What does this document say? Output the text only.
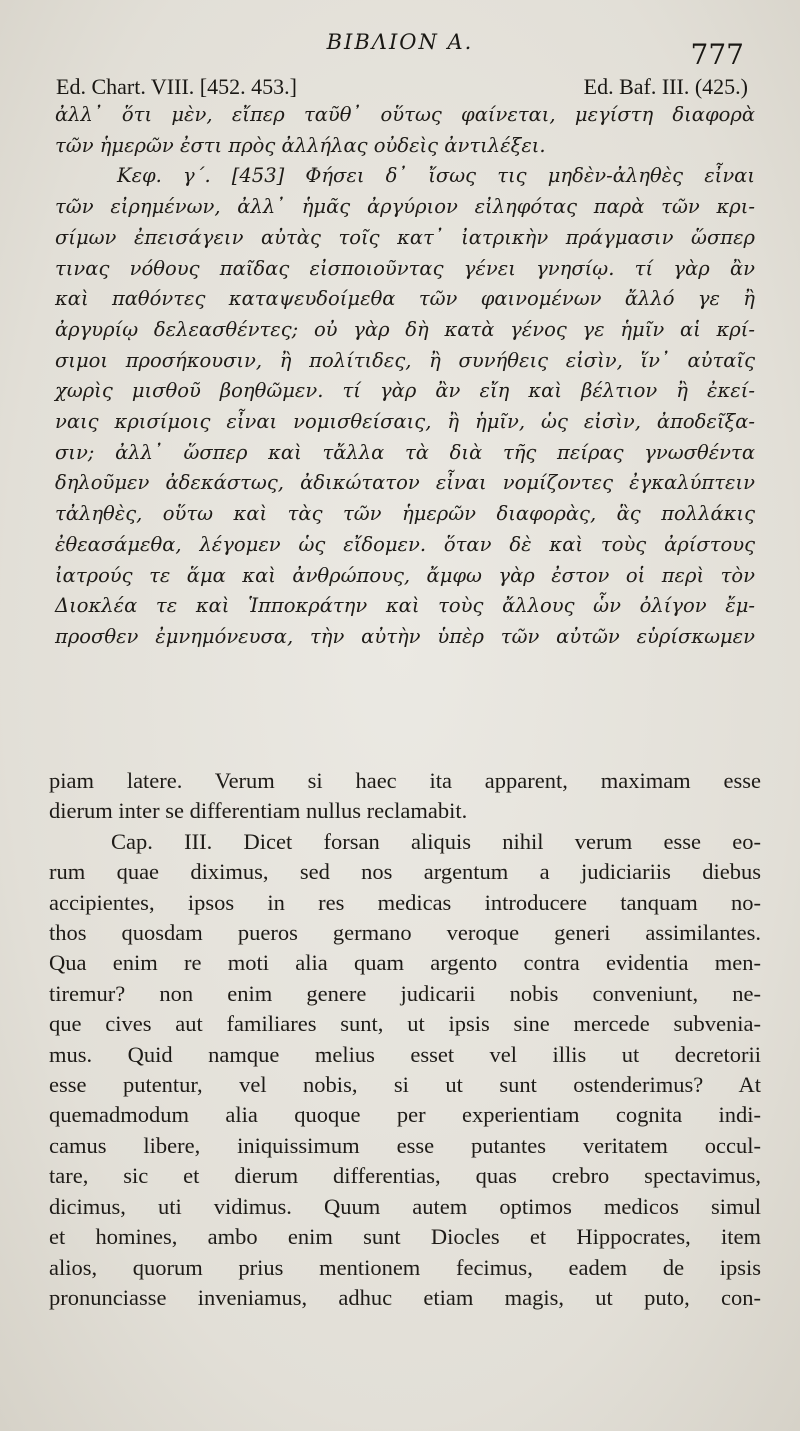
BIBΛΙΟΝ Α.	777
Ed. Chart. VIII. [452. 453.]	Ed. Baf. III. (425.)
ἀλλ᾽ ὅτι μὲν, εἴπερ ταῦθ᾽ οὕτως φαίνεται, μεγίστη διαφορὰ
τῶν ἡμερῶν ἐστι πρὸς ἀλλήλας οὐδεὶς ἀντιλέξει.
Κεφ. γ΄. [453] Φήσει δ᾽ ἴσως τις μηδὲν-ἀληθὲς εἶναι
τῶν εἰρημένων, ἀλλ᾽ ἡμᾶς ἀργύριον εἰληφότας παρὰ τῶν κρι-
σίμων ἐπεισάγειν αὐτὰς τοῖς κατ᾽ ἰατρικὴν πράγμασιν ὥσπερ
τινας νόθους παῖδας εἰσποιοῦντας γένει γνησίῳ. τί γὰρ ἂν
καὶ παθόντες καταψευδοίμεθα τῶν φαινομένων ἄλλό γε ἢ
ἀργυρίῳ δελεασθέντες; οὐ γὰρ δὴ κατὰ γένος γε ἡμῖν αἱ κρί-
σιμοι προσήκουσιν, ἢ πολίτιδες, ἢ συνήθεις εἰσὶν, ἵν᾽ αὐταῖς
χωρὶς μισθοῦ βοηθῶμεν. τί γὰρ ἂν εἴη καὶ βέλτιον ἢ ἐκεί-
ναις κρισίμοις εἶναι νομισθείσαις, ἢ ἡμῖν, ὡς εἰσὶν, ἀποδεῖξα-
σιν; ἀλλ᾽ ὥσπερ καὶ τἄλλα τὰ διὰ τῆς πείρας γνωσθέντα
δηλοῦμεν ἀδεκάστως, ἀδικώτατον εἶναι νομίζοντες ἐγκαλύπτειν
τἀληθὲς, οὕτω καὶ τὰς τῶν ἡμερῶν διαφορὰς, ἃς πολλάκις
ἐθεασάμεθα, λέγομεν ὡς εἴδομεν. ὅταν δὲ καὶ τοὺς ἀρίστους
ἰατρούς τε ἅμα καὶ ἀνθρώπους, ἄμφω γὰρ ἐστον οἱ περὶ τὸν
Διοκλέα τε καὶ Ἱπποκράτην καὶ τοὺς ἄλλους ὧν ὀλίγον ἔμ-
προσθεν ἐμνημόνευσα, τὴν αὐτὴν ὑπὲρ τῶν αὐτῶν εὑρίσκωμεν
piam latere. Verum si haec ita apparent, maximam esse
dierum inter se differentiam nullus reclamabit.
Cap. III. Dicet forsan aliquis nihil verum esse eo-
rum quae diximus, sed nos argentum a judiciariis diebus
accipientes, ipsos in res medicas introducere tanquam no-
thos quosdam pueros germano veroque generi assimilantes.
Qua enim re moti alia quam argento contra evidentia men-
tiremur? non enim genere judicarii nobis conveniunt, ne-
que cives aut familiares sunt, ut ipsis sine mercede subvenia-
mus. Quid namque melius esset vel illis ut decretorii
esse putentur, vel nobis, si ut sunt ostenderimus? At
quemadmodum alia quoque per experientiam cognita indi-
camus libere, iniquissimum esse putantes veritatem occul-
tare, sic et dierum differentias, quas crebro spectavimus,
dicimus, uti vidimus. Quum autem optimos medicos simul
et homines, ambo enim sunt Diocles et Hippocrates, item
alios, quorum prius mentionem fecimus, eadem de ipsis
pronunciasse inveniamus, adhuc etiam magis, ut puto, con-
